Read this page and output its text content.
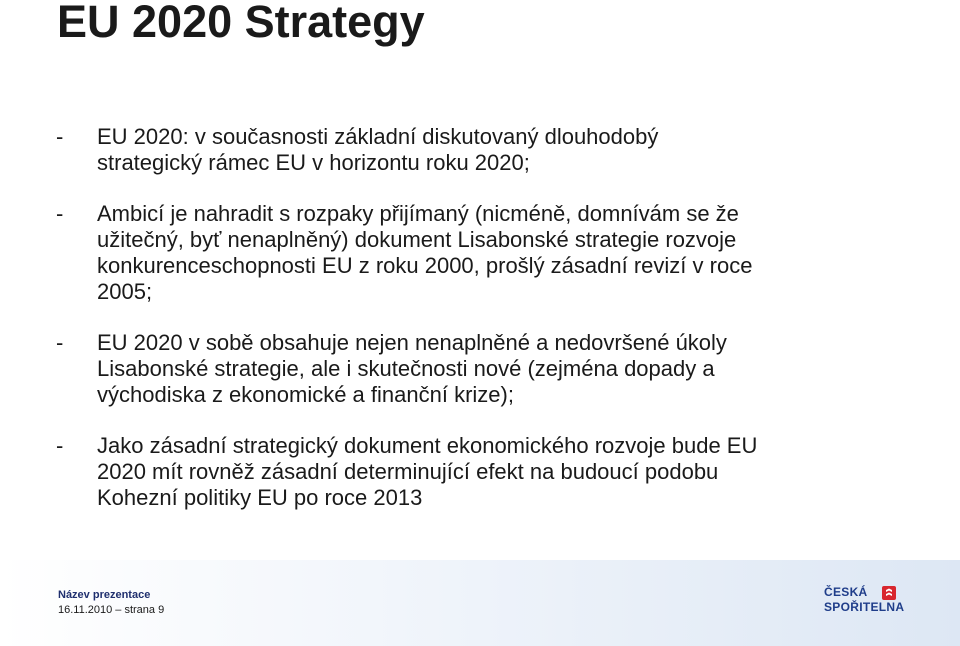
EU 2020 Strategy
- EU 2020: v současnosti základní diskutovaný dlouhodobý
strategický rámec EU v horizontu roku 2020;
- Ambicí je nahradit s rozpaky přijímaný (nicméně, domnívám se že
užitečný, byť nenaplněný) dokument Lisabonské strategie rozvoje
konkurenceschopnosti EU z roku 2000, prošlý zásadní revizí v roce
2005;
- EU 2020 v sobě obsahuje nejen nenaplněné a nedovršené úkoly
Lisabonské strategie, ale i skutečnosti nové (zejména dopady a
východiska z ekonomické a finanční krize);
- Jako zásadní strategický dokument ekonomického rozvoje bude EU
2020 mít rovněž zásadní determinující efekt na budoucí podobu
Kohezní politiky EU po roce 2013
Název prezentace
16.11.2010 – strana 9
ČESKÁ
SPOŘITELNA
